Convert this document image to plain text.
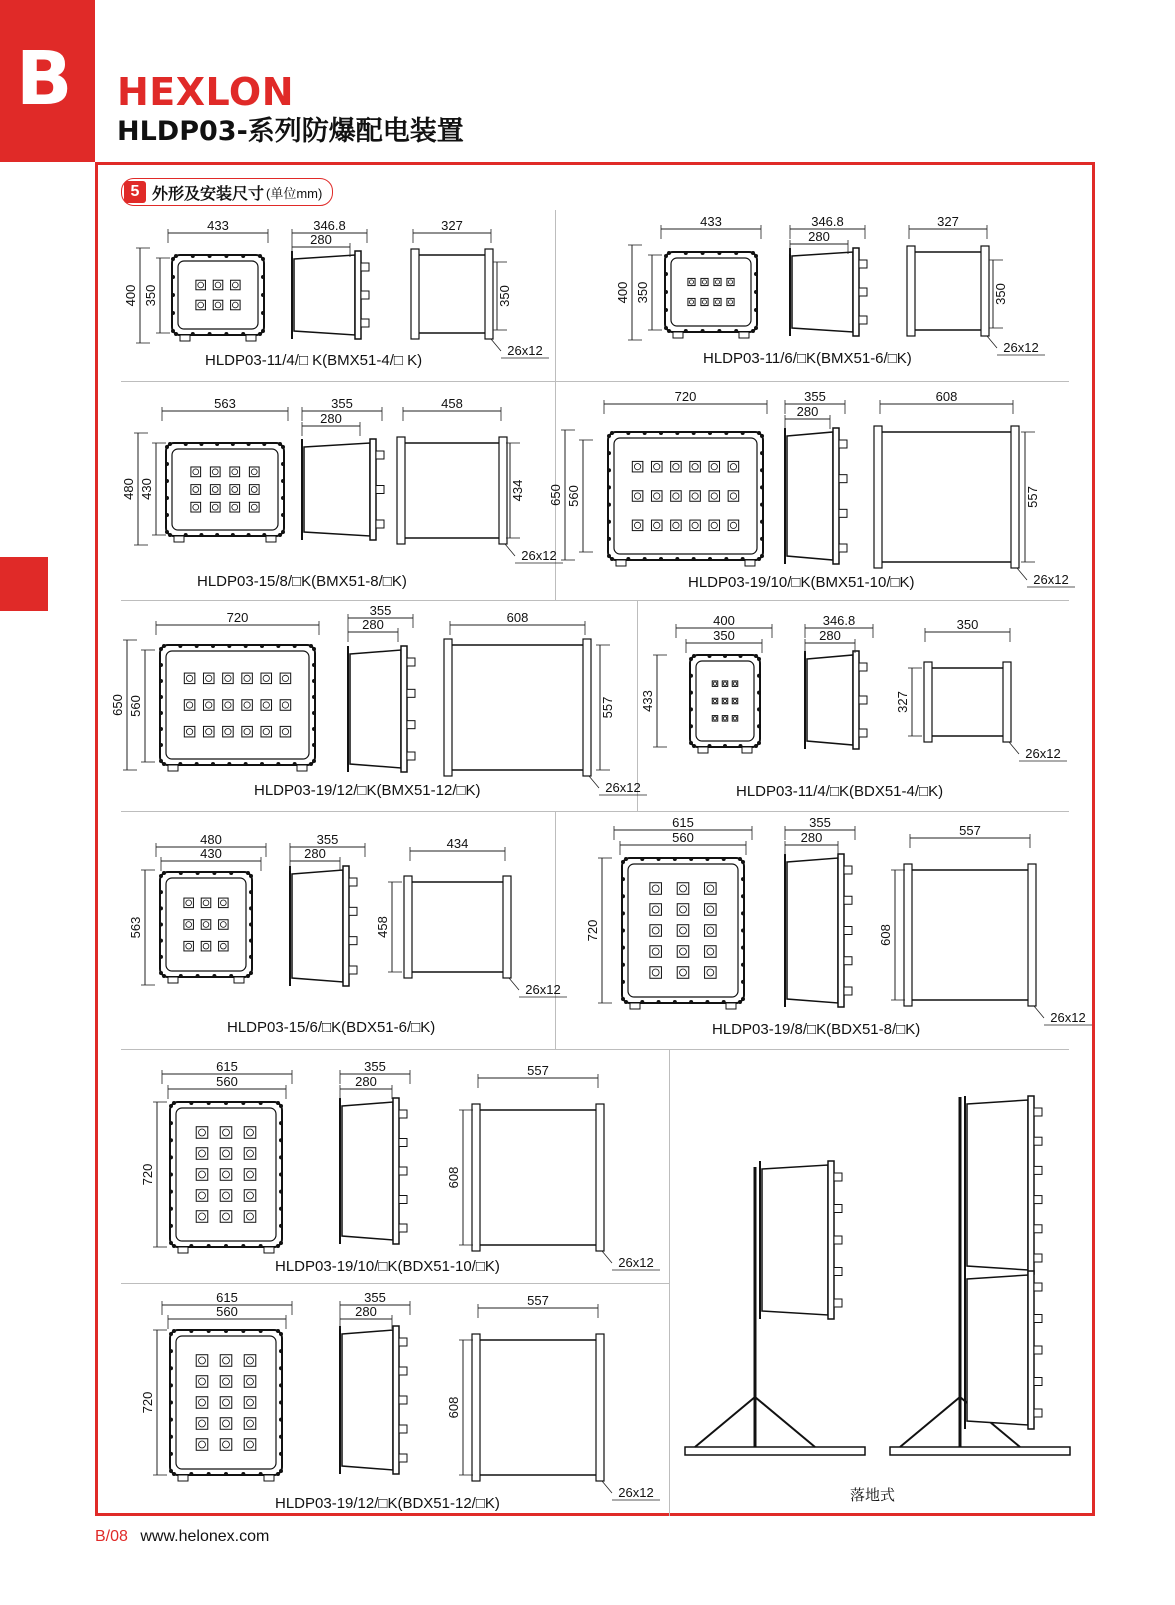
B HEXLON
HLDP03-系列防爆配电装置
5 外形及安装尺寸 (单位mm)
433
400 350
346.8
280
26x12
327
350
433
400 350
346.8
280
26x12
327
350
563
480 430
355
280
26x12
458
434
720
650 560
355
280
26x12
608
557
720
650 560
355
280
26x12
608
557
400
350
433
346.8
280
26x12
350
327
480
430
563
355
280
26x12
434
458
615
560
720
355
280
26x12
557
608
615
560
720
355
280
26x12
557
608
615
560
720
355
280
26x12
557
608
HLDP03-11/4/□ K(BMX51-4/□ K)	HLDP03-11/6/□K(BMX51-6/□K)
HLDP03-15/8/□K(BMX51-8/□K)	HLDP03-19/10/□K(BMX51-10/□K)
HLDP03-19/12/□K(BMX51-12/□K)	HLDP03-11/4/□K(BDX51-4/□K)
HLDP03-15/6/□K(BDX51-6/□K)	HLDP03-19/8/□K(BDX51-8/□K)
HLDP03-19/10/□K(BDX51-10/□K)
HLDP03-19/12/□K(BDX51-12/□K)	落地式
B/08 www.helonex.com
